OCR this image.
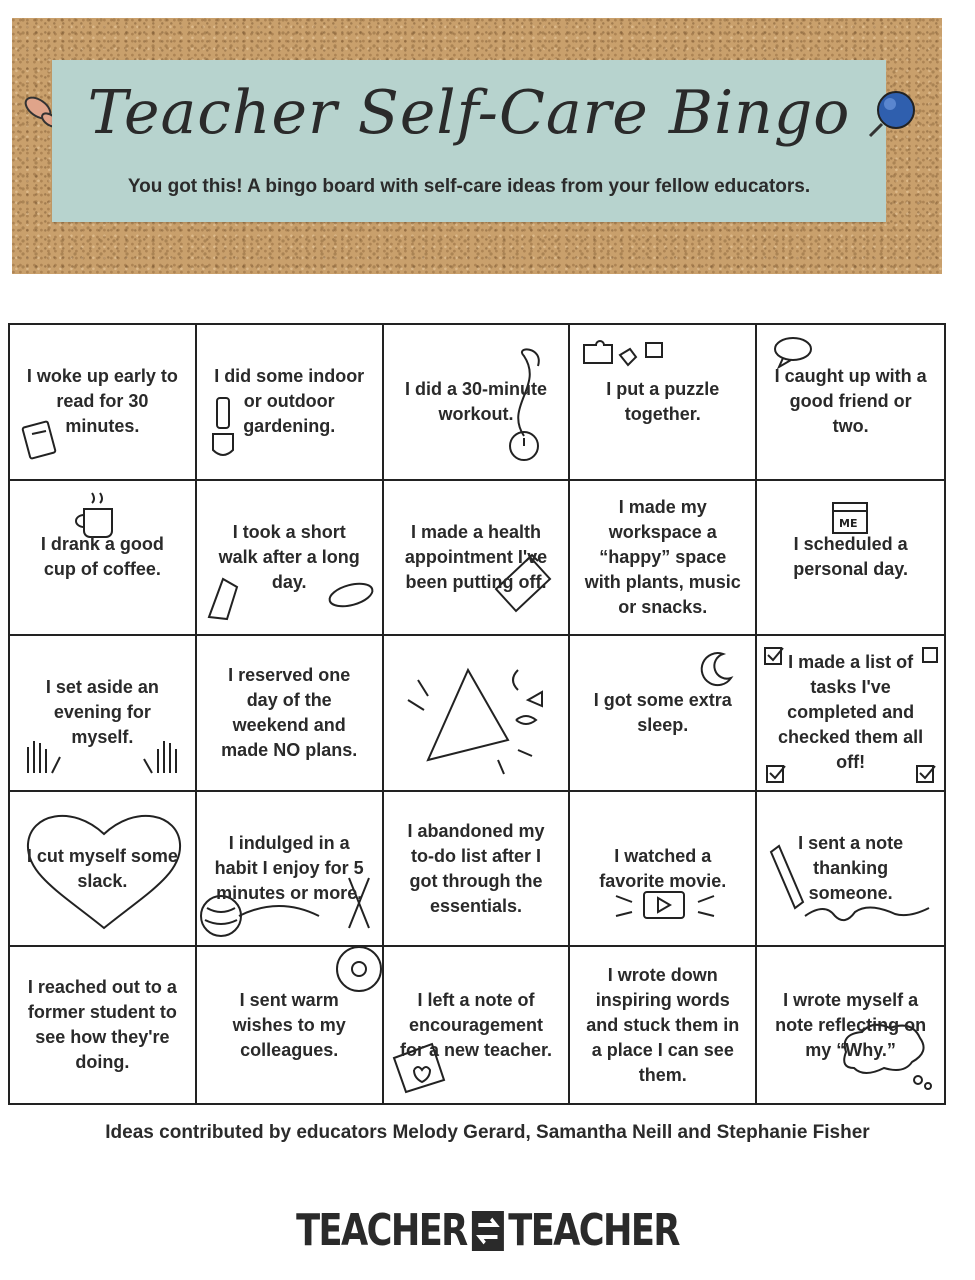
Teacher Self-Care Bingo
You got this! A bingo board with self-care ideas from your fellow educators.
I woke up early to read for 30 minutes.
I did some indoor or outdoor gardening.
I did a 30-minute workout.
I put a puzzle together.
I caught up with a good friend or two.
I drank a good cup of coffee.
I took a short walk after a long day.
I made a health appointment I've been putting off.
I made my workspace a “happy” space with plants, music or snacks.
ME
I scheduled a personal day.
I set aside an evening for myself.
I reserved one day of the weekend and made NO plans.
I got some extra sleep.
I made a list of tasks I've completed and checked them all off!
I cut myself some slack.
I indulged in a habit I enjoy for 5 minutes or more.
I abandoned my to-do list after I got through the essentials.
I watched a favorite movie.
I sent a note thanking someone.
I reached out to a former student to see how they're doing.
I sent warm wishes to my colleagues.
I left a note of encouragement for a new teacher.
I wrote down inspiring words and stuck them in a place I can see them.
I wrote myself a note reflecting on my “Why.”
Ideas contributed by educators Melody Gerard, Samantha Neill and Stephanie Fisher
TEACHER TEACHER
